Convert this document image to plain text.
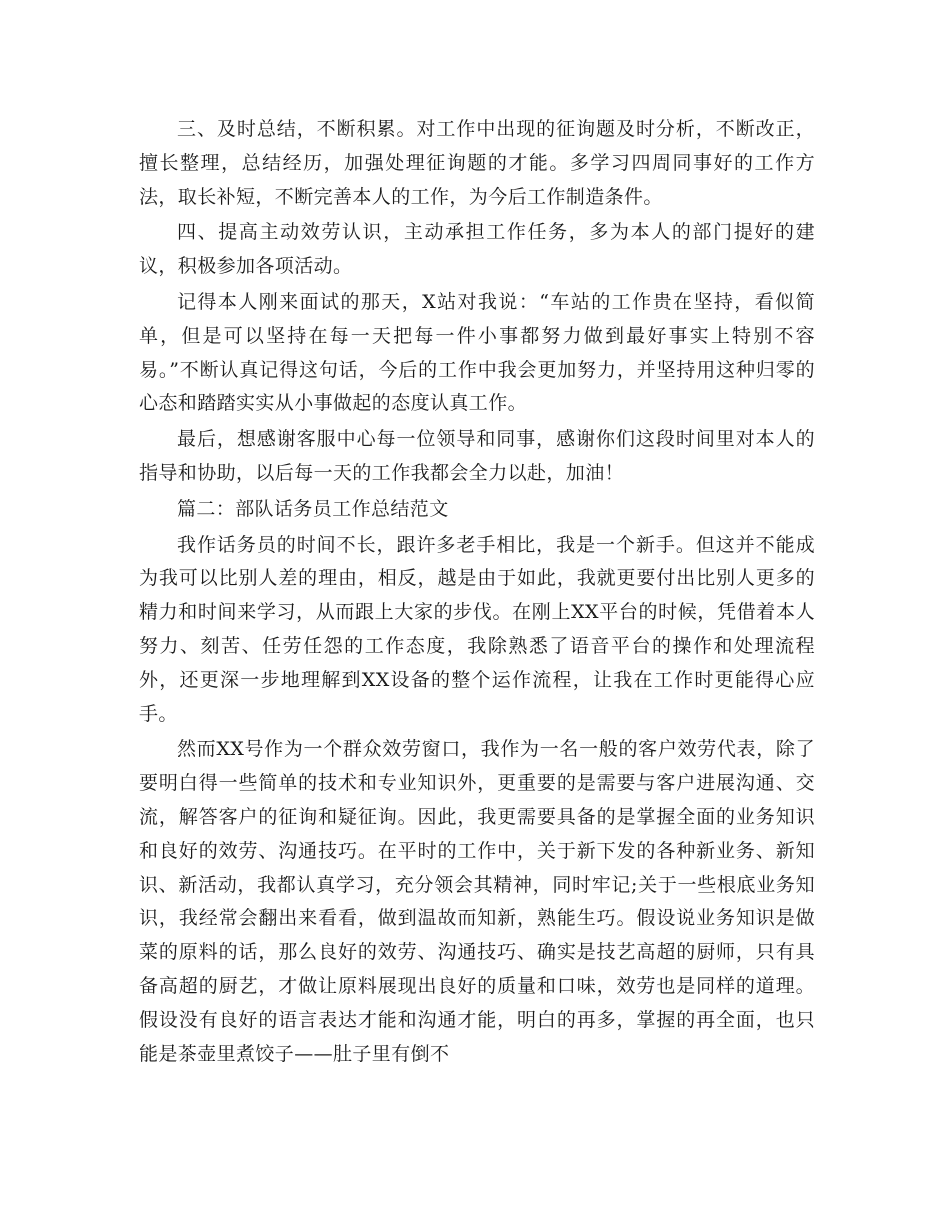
三、及时总结，不断积累。对工作中出现的征询题及时分析，不断改正，擅长整理，总结经历，加强处理征询题的才能。多学习四周同事好的工作方法，取长补短，不断完善本人的工作，为今后工作制造条件。

四、提高主动效劳认识，主动承担工作任务，多为本人的部门提好的建议，积极参加各项活动。

记得本人刚来面试的那天，X站对我说：“车站的工作贵在坚持，看似简单，但是可以坚持在每一天把每一件小事都努力做到最好事实上特别不容易。”不断认真记得这句话，今后的工作中我会更加努力，并坚持用这种归零的心态和踏踏实实从小事做起的态度认真工作。

最后，想感谢客服中心每一位领导和同事，感谢你们这段时间里对本人的指导和协助，以后每一天的工作我都会全力以赴，加油！

篇二：部队话务员工作总结范文

我作话务员的时间不长，跟许多老手相比，我是一个新手。但这并不能成为我可以比别人差的理由，相反，越是由于如此，我就更要付出比别人更多的精力和时间来学习，从而跟上大家的步伐。在刚上XX平台的时候，凭借着本人努力、刻苦、任劳任怨的工作态度，我除熟悉了语音平台的操作和处理流程外，还更深一步地理解到XX设备的整个运作流程，让我在工作时更能得心应手。

然而XX号作为一个群众效劳窗口，我作为一名一般的客户效劳代表，除了要明白得一些简单的技术和专业知识外，更重要的是需要与客户进展沟通、交流，解答客户的征询和疑征询。因此，我更需要具备的是掌握全面的业务知识和良好的效劳、沟通技巧。在平时的工作中，关于新下发的各种新业务、新知识、新活动，我都认真学习，充分领会其精神，同时牢记;关于一些根底业务知识，我经常会翻出来看看，做到温故而知新，熟能生巧。假设说业务知识是做菜的原料的话，那么良好的效劳、沟通技巧、确实是技艺高超的厨师，只有具备高超的厨艺，才做让原料展现出良好的质量和口味，效劳也是同样的道理。假设没有良好的语言表达才能和沟通才能，明白的再多，掌握的再全面，也只能是茶壶里煮饺子——肚子里有倒不
